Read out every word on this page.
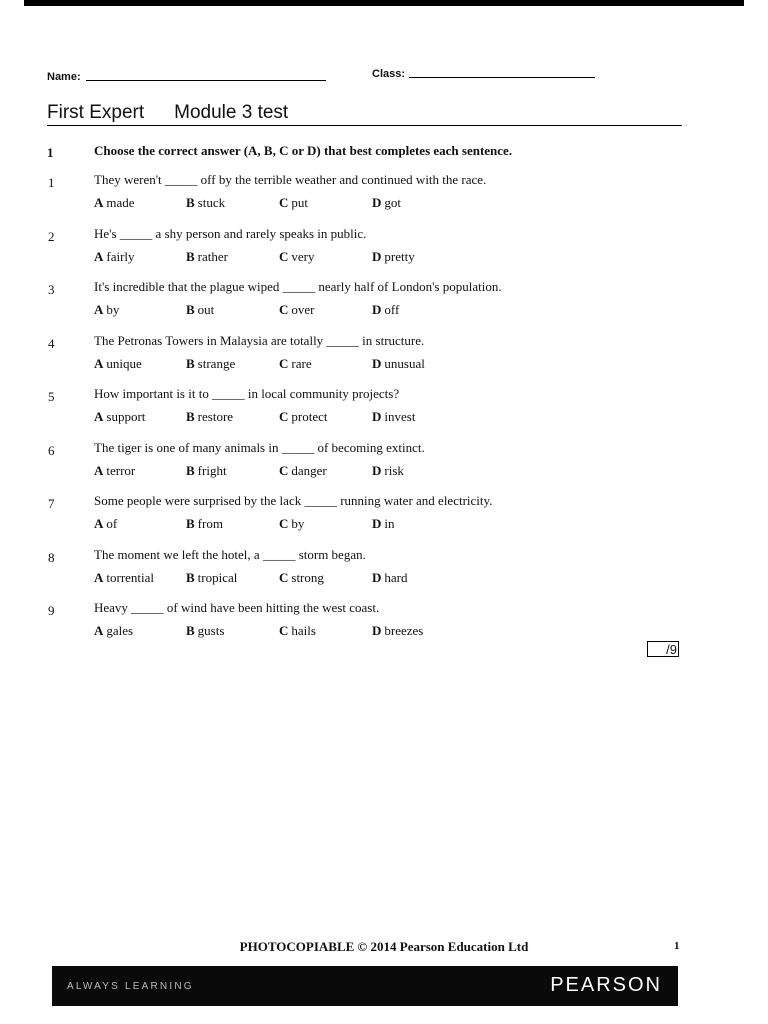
Name:	Class:
First Expert Module 3 test
1	Choose the correct answer (A, B, C or D) that best completes each sentence.
1	They weren't _____ off by the terrible weather and continued with the race.
A made	B stuck	C put	D got
2	He's _____ a shy person and rarely speaks in public.
A fairly	B rather	C very	D pretty
3	It's incredible that the plague wiped _____ nearly half of London's population.
A by	B out	C over	D off
4	The Petronas Towers in Malaysia are totally _____ in structure.
A unique	B strange	C rare	D unusual
5	How important is it to _____ in local community projects?
A support	B restore	C protect	D invest
6	The tiger is one of many animals in _____ of becoming extinct.
A terror	B fright	C danger	D risk
7	Some people were surprised by the lack _____ running water and electricity.
A of	B from	C by	D in
8	The moment we left the hotel, a _____ storm began.
A torrential B tropical	C strong	D hard
9	Heavy _____ of wind have been hitting the west coast.
A gales	B gusts	C hails	D breezes
/9
PHOTOCOPIABLE © 2014 Pearson Education Ltd	1
ALWAYS LEARNING	PEARSON
